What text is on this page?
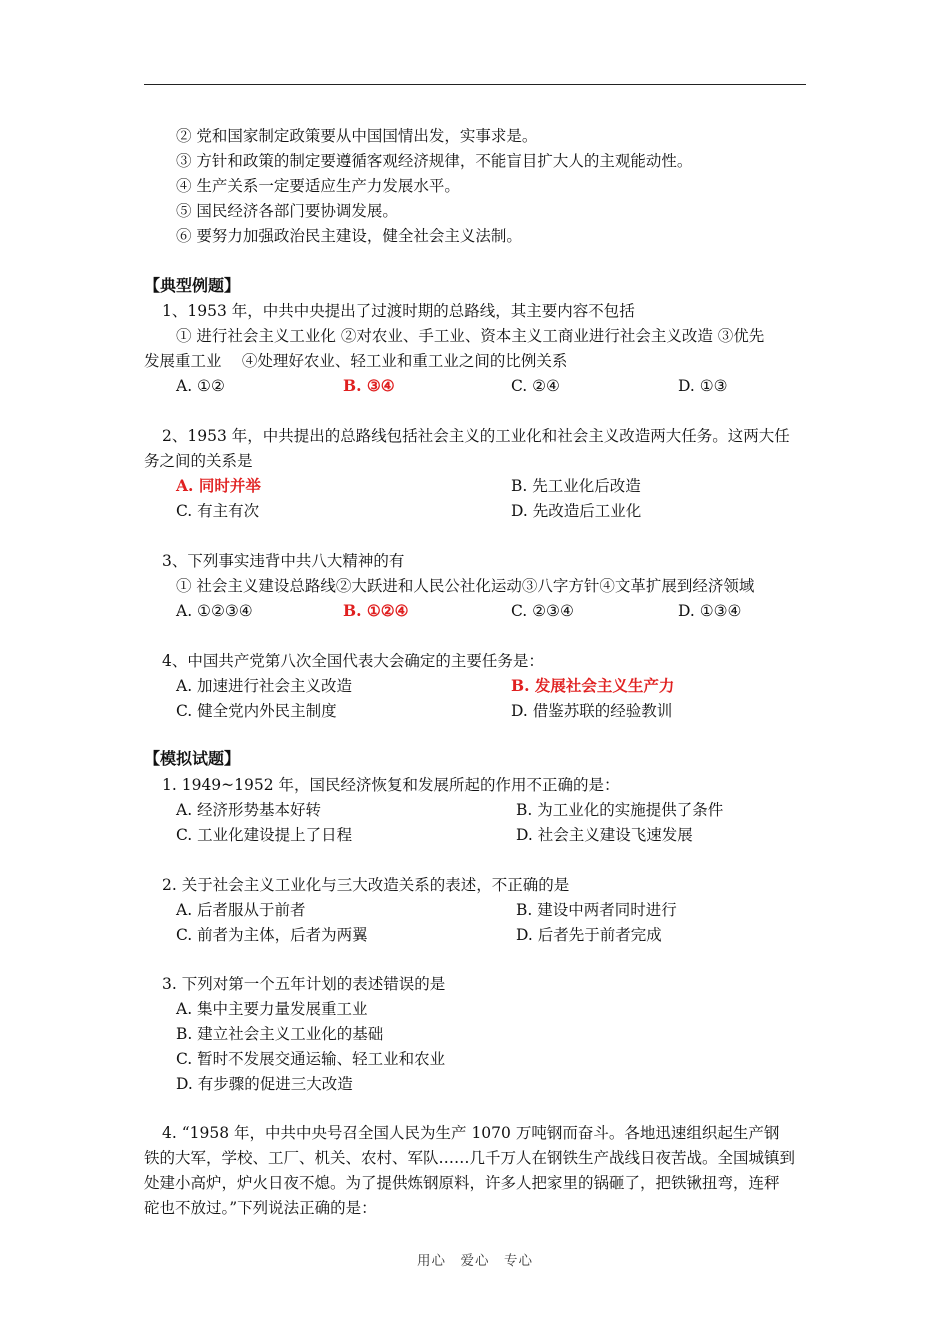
② 党和国家制定政策要从中国国情出发，实事求是。
③ 方针和政策的制定要遵循客观经济规律，不能盲目扩大人的主观能动性。
④ 生产关系一定要适应生产力发展水平。
⑤ 国民经济各部门要协调发展。
⑥ 要努力加强政治民主建设，健全社会主义法制。
【典型例题】
1、1953 年，中共中央提出了过渡时期的总路线，其主要内容不包括
① 进行社会主义工业化 ②对农业、手工业、资本主义工商业进行社会主义改造 ③优先
发展重工业　 ④处理好农业、轻工业和重工业之间的比例关系
A. ①②	B. ③④	C. ②④	D. ①③
2、1953 年，中共提出的总路线包括社会主义的工业化和社会主义改造两大任务。这两大任
务之间的关系是
A. 同时并举	B. 先工业化后改造
C. 有主有次	D. 先改造后工业化
3、下列事实违背中共八大精神的有
① 社会主义建设总路线②大跃进和人民公社化运动③八字方针④文革扩展到经济领域
A. ①②③④	B. ①②④	C. ②③④	D. ①③④
4、中国共产党第八次全国代表大会确定的主要任务是：
A. 加速进行社会主义改造	B. 发展社会主义生产力
C. 健全党内外民主制度	D. 借鉴苏联的经验教训
【模拟试题】
1. 1949~1952 年，国民经济恢复和发展所起的作用不正确的是：
A. 经济形势基本好转	B. 为工业化的实施提供了条件
C. 工业化建设提上了日程	D. 社会主义建设飞速发展
2. 关于社会主义工业化与三大改造关系的表述，不正确的是
A. 后者服从于前者	B. 建设中两者同时进行
C. 前者为主体，后者为两翼	D. 后者先于前者完成
3. 下列对第一个五年计划的表述错误的是
A. 集中主要力量发展重工业
B. 建立社会主义工业化的基础
C. 暂时不发展交通运输、轻工业和农业
D. 有步骤的促进三大改造
4. “1958 年，中共中央号召全国人民为生产 1070 万吨钢而奋斗。各地迅速组织起生产钢
铁的大军，学校、工厂、机关、农村、军队……几千万人在钢铁生产战线日夜苦战。全国城镇到
处建小高炉，炉火日夜不熄。为了提供炼钢原料，许多人把家里的锅砸了，把铁锹扭弯，连秤
砣也不放过。”下列说法正确的是：
用心　爱心　专心
